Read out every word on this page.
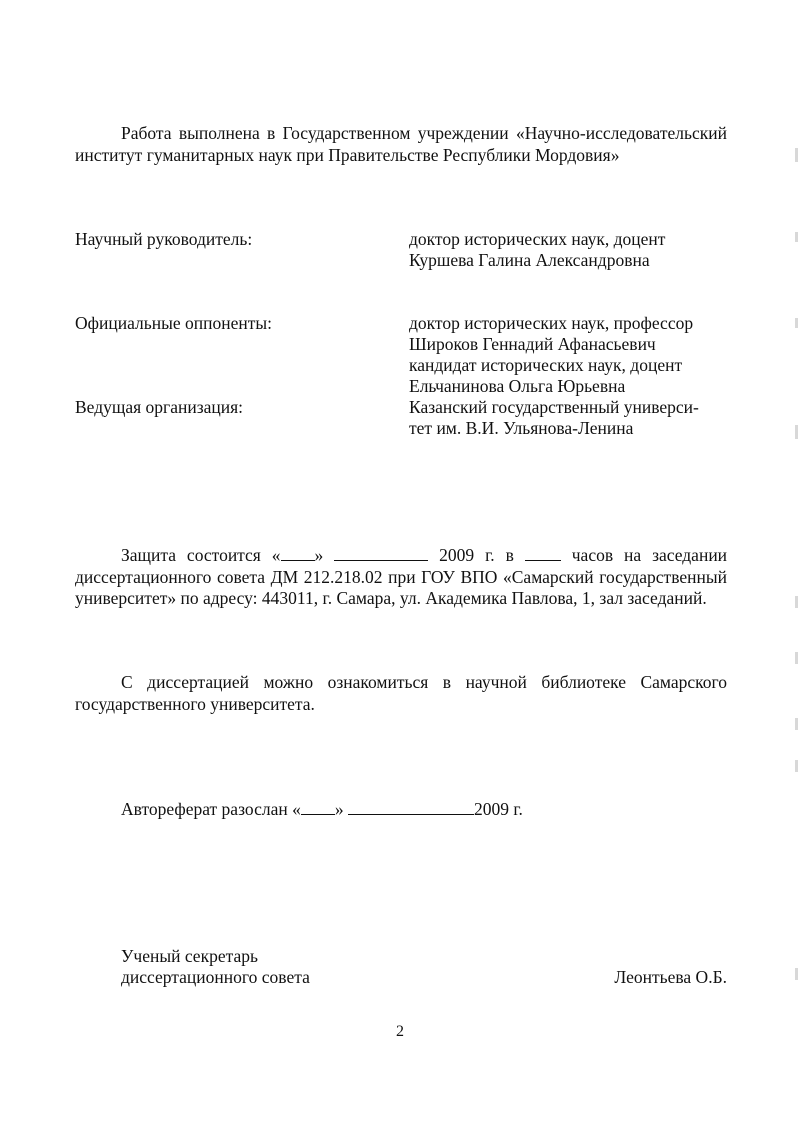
Работа выполнена в Государственном учреждении «Научно-исследовательский институт гуманитарных наук при Правительстве Республики Мордовия»
Научный руководитель:	доктор исторических наук, доцент
Куршева Галина Александровна
Официальные оппоненты:	доктор исторических наук, профессор
Широков Геннадий Афанасьевич
кандидат исторических наук, доцент
Ельчанинова Ольга Юрьевна
Ведущая организация:	Казанский государственный универси-
тет им. В.И. Ульянова-Ленина
Защита состоится « »	2009 г. в	часов на заседании диссертационного совета ДМ 212.218.02 при ГОУ ВПО «Самарский государственный университет» по адресу: 443011, г. Самара, ул. Академика Павлова, 1, зал заседаний.
С диссертацией можно ознакомиться в научной библиотеке Самарского государственного университета.
Автореферат разослан « »	2009 г.
Ученый секретарь
диссертационного совета	Леонтьева О.Б.
2
